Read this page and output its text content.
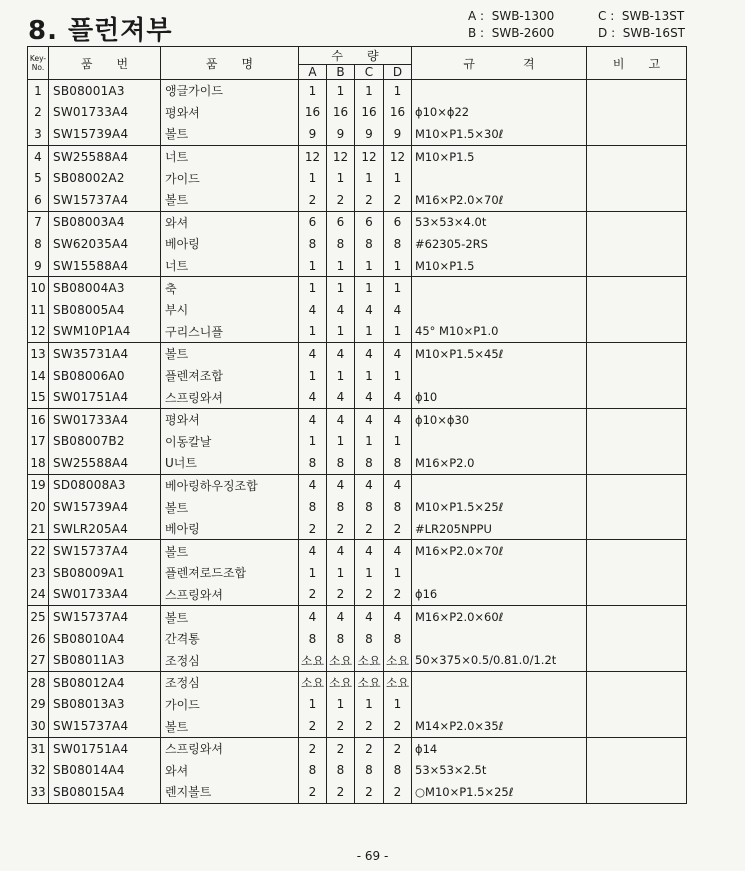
8. 플런져부	A :  SWB-1300	C :  SWB-13ST
B :  SWB-2600	D :  SWB-16ST
Key-
No.	품　　번	품　　명	수　　량				규　　　　격	비　　고
			A	B	C	D		
1	SB08001A3	앵글가이드	1	1	1	1		
2	SW01733A4	평와셔	16	16	16	16	ϕ10×ϕ22	
3	SW15739A4	볼트	9	9	9	9	M10×P1.5×30ℓ	
4	SW25588A4	너트	12	12	12	12	M10×P1.5	
5	SB08002A2	가이드	1	1	1	1		
6	SW15737A4	볼트	2	2	2	2	M16×P2.0×70ℓ	
7	SB08003A4	와셔	6	6	6	6	53×53×4.0t	
8	SW62035A4	베아링	8	8	8	8	#62305-2RS	
9	SW15588A4	너트	1	1	1	1	M10×P1.5	
10	SB08004A3	축	1	1	1	1		
11	SB08005A4	부시	4	4	4	4		
12	SWM10P1A4	구리스니플	1	1	1	1	45° M10×P1.0	
13	SW35731A4	볼트	4	4	4	4	M10×P1.5×45ℓ	
14	SB08006A0	플렌져조합	1	1	1	1		
15	SW01751A4	스프링와셔	4	4	4	4	ϕ10	
16	SW01733A4	평와셔	4	4	4	4	ϕ10×ϕ30	
17	SB08007B2	이동칼날	1	1	1	1		
18	SW25588A4	U너트	8	8	8	8	M16×P2.0	
19	SD08008A3	베아링하우징조합	4	4	4	4		
20	SW15739A4	볼트	8	8	8	8	M10×P1.5×25ℓ	
21	SWLR205A4	베아링	2	2	2	2	#LR205NPPU	
22	SW15737A4	볼트	4	4	4	4	M16×P2.0×70ℓ	
23	SB08009A1	플렌져로드조합	1	1	1	1		
24	SW01733A4	스프링와셔	2	2	2	2	ϕ16	
25	SW15737A4	볼트	4	4	4	4	M16×P2.0×60ℓ	
26	SB08010A4	간격통	8	8	8	8		
27	SB08011A3	조정심	소요	소요	소요	소요	50×375×0.5/0.81.0/1.2t	
28	SB08012A4	조정심	소요	소요	소요	소요		
29	SB08013A3	가이드	1	1	1	1		
30	SW15737A4	볼트	2	2	2	2	M14×P2.0×35ℓ	
31	SW01751A4	스프링와셔	2	2	2	2	ϕ14	
32	SB08014A4	와셔	8	8	8	8	53×53×2.5t	
33	SB08015A4	렌지볼트	2	2	2	2	○M10×P1.5×25ℓ	
- 69 -
